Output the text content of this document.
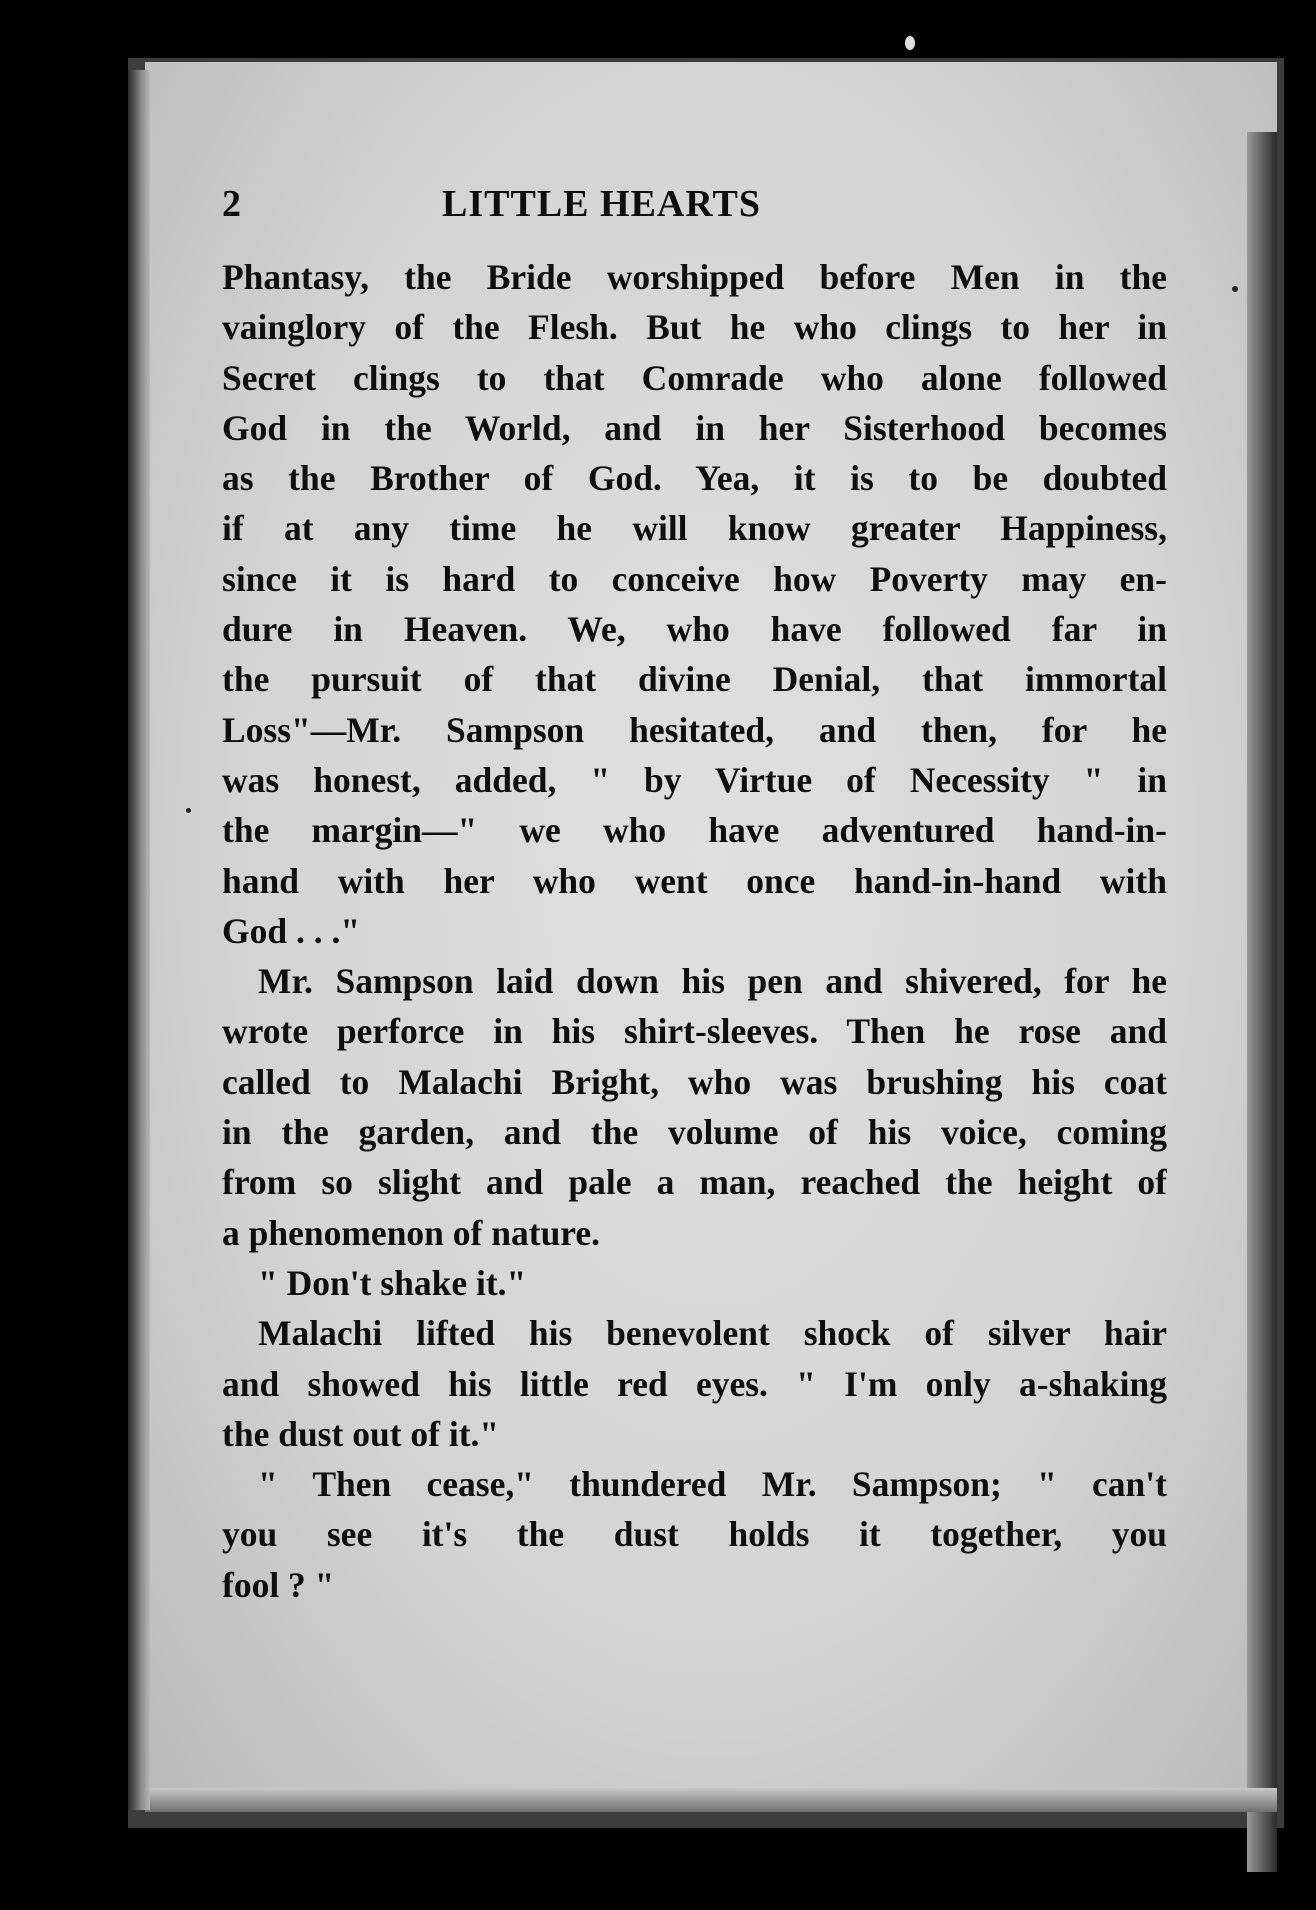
2	LITTLE HEARTS
Phantasy, the Bride worshipped before Men in the
vainglory of the Flesh. But he who clings to her in
Secret clings to that Comrade who alone followed
God in the World, and in her Sisterhood becomes
as the Brother of God. Yea, it is to be doubted
if at any time he will know greater Happiness,
since it is hard to conceive how Poverty may en-
dure in Heaven. We, who have followed far in
the pursuit of that divine Denial, that immortal
Loss"—Mr. Sampson hesitated, and then, for he
was honest, added, " by Virtue of Necessity " in
the margin—" we who have adventured hand-in-
hand with her who went once hand-in-hand with
God . . ."
Mr. Sampson laid down his pen and shivered, for he
wrote perforce in his shirt-sleeves. Then he rose and
called to Malachi Bright, who was brushing his coat
in the garden, and the volume of his voice, coming
from so slight and pale a man, reached the height of
a phenomenon of nature.
" Don't shake it."
Malachi lifted his benevolent shock of silver hair
and showed his little red eyes. " I'm only a-shaking
the dust out of it."
" Then cease," thundered Mr. Sampson; " can't
you see it's the dust holds it together, you
fool ? "
